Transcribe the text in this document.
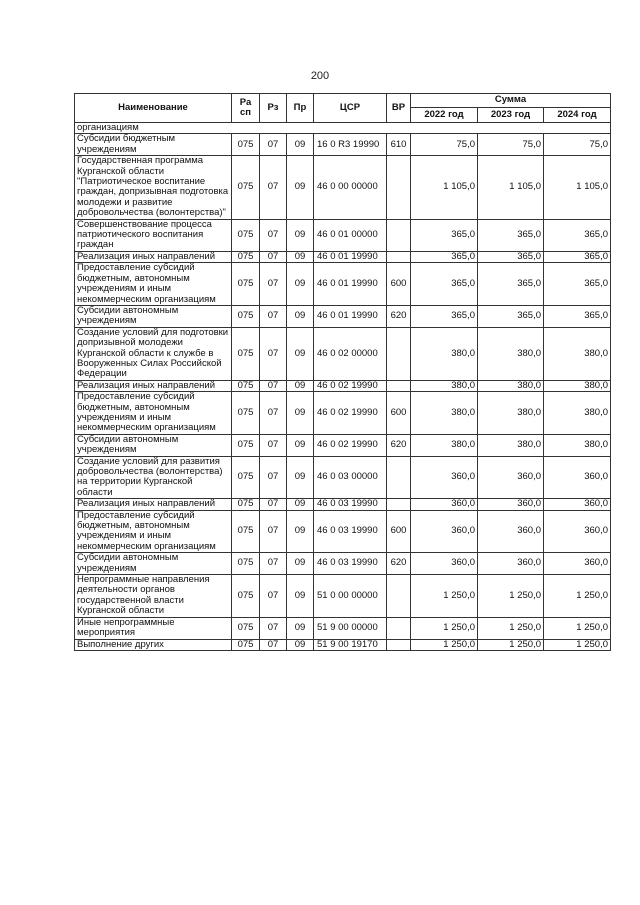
200
Наименование	Ра сп	Рз	Пр	ЦСР	ВР	Сумма		
						2022 год	2023 год	2024 год
организациям								
Субсидии бюджетным учреждениям	075	07	09	16 0 R3 19990	610	75,0	75,0	75,0
Государственная программа Курганской области "Патриотическое воспитание граждан, допризывная подготовка молодежи и развитие добровольчества (волонтерства)"	075	07	09	46 0 00 00000		1 105,0	1 105,0	1 105,0
Совершенствование процесса патриотического воспитания граждан	075	07	09	46 0 01 00000		365,0	365,0	365,0
Реализация иных направлений	075	07	09	46 0 01 19990		365,0	365,0	365,0
Предоставление субсидий бюджетным, автономным учреждениям и иным некоммерческим организациям	075	07	09	46 0 01 19990	600	365,0	365,0	365,0
Субсидии автономным учреждениям	075	07	09	46 0 01 19990	620	365,0	365,0	365,0
Создание условий для подготовки допризывной молодежи Курганской области к службе в Вооруженных Силах Российской Федерации	075	07	09	46 0 02 00000		380,0	380,0	380,0
Реализация иных направлений	075	07	09	46 0 02 19990		380,0	380,0	380,0
Предоставление субсидий бюджетным, автономным учреждениям и иным некоммерческим организациям	075	07	09	46 0 02 19990	600	380,0	380,0	380,0
Субсидии автономным учреждениям	075	07	09	46 0 02 19990	620	380,0	380,0	380,0
Создание условий для развития добровольчества (волонтерства) на территории Курганской области	075	07	09	46 0 03 00000		360,0	360,0	360,0
Реализация иных направлений	075	07	09	46 0 03 19990		360,0	360,0	360,0
Предоставление субсидий бюджетным, автономным учреждениям и иным некоммерческим организациям	075	07	09	46 0 03 19990	600	360,0	360,0	360,0
Субсидии автономным учреждениям	075	07	09	46 0 03 19990	620	360,0	360,0	360,0
Непрограммные направления деятельности органов государственной власти Курганской области	075	07	09	51 0 00 00000		1 250,0	1 250,0	1 250,0
Иные непрограммные мероприятия	075	07	09	51 9 00 00000		1 250,0	1 250,0	1 250,0
Выполнение других	075	07	09	51 9 00 19170		1 250,0	1 250,0	1 250,0
